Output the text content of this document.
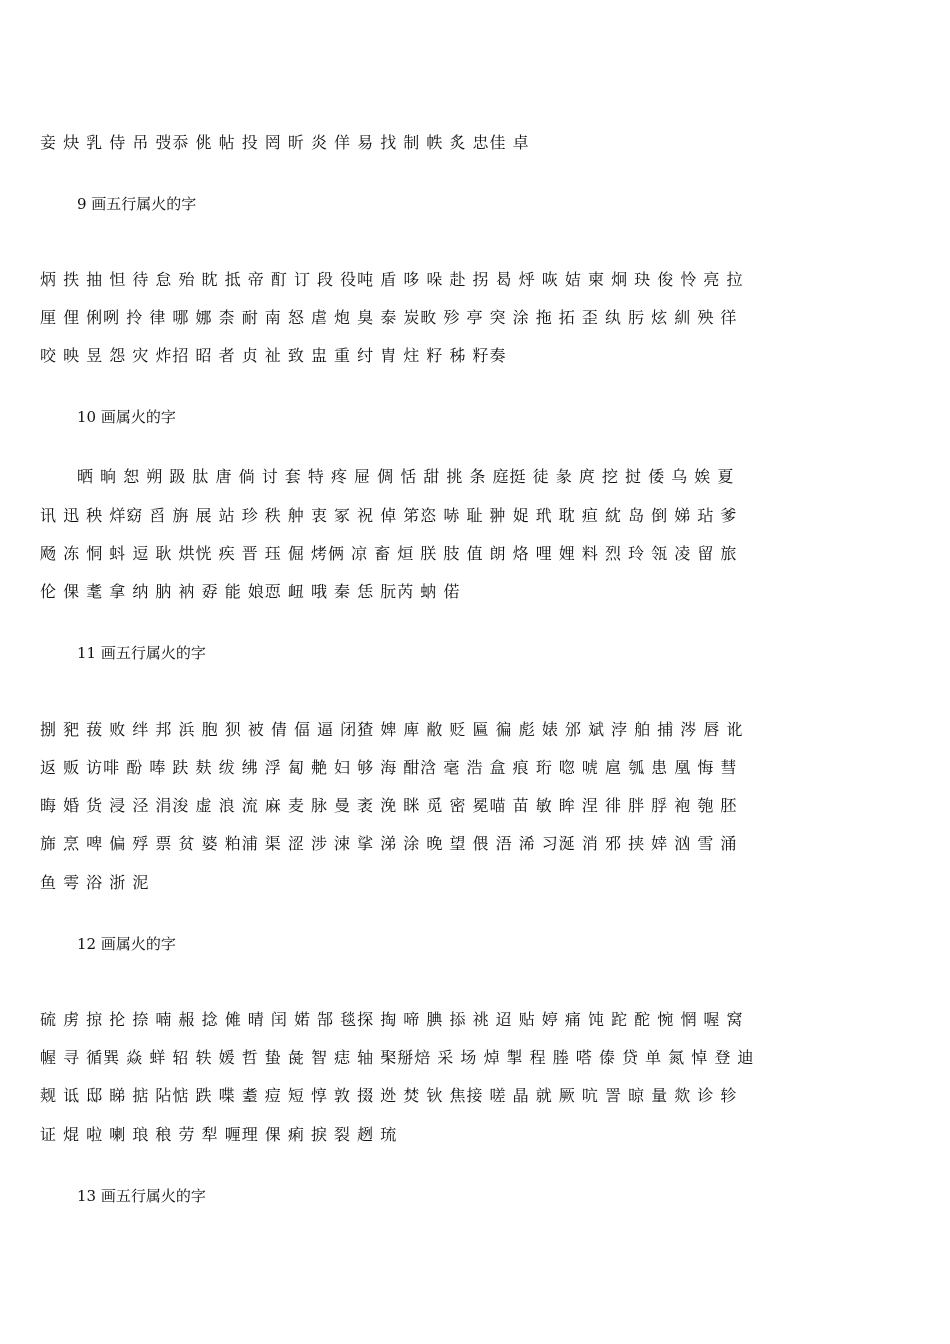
妾 炔 乳 侍 吊 弢忝 佻 帖 投 罔 昕 炎 佯 易 找 制 帙 炙 忠佳 卓
9 画五行属火的字
炳 抶 抽 怛 待 怠 殆 眈 抵 帝 酊 订 段 役吨 盾 哆 哚 赴 拐 曷 烀 咴 姞 柬 炯 玦 俊 怜 亮 拉
厘 俚 俐咧 拎 律 哪 娜 柰 耐 南 怒 虐 炮 臭 泰 炭畋 殄 亭 突 涂 拖 拓 歪 纨 肟 炫 紃 殃 徉
咬 映 昱 怨 灾 炸招 昭 者 贞 祉 致 盅 重 纣 胄 炷 籽 秭 籽奏
10 画属火的字
晒 晌 恕 朔 趿 肽 唐 倘 讨 套 特 疼 屉 倜 恬 甜 挑 条 庭挺 徒 彖 庹 挖 挝 倭 乌 娭 夏
讯 迅 秧 烊窈 舀 旃 展 站 珍 秩 舯 衷 冢 祝 倬 笫恣 哧 耻 翀 娖 玳 耽 疸 紞 岛 倒 娣 玷 爹
飏 冻 恫 蚪 逗 耿 烘恍 疾 晋 珏 倔 烤俩 凉 畜 烜 朕 肢 值 朗 烙 哩 娌 料 烈 玲 瓴 凌 留 旅
伦 倮 耄 拿 纳 肭 衲 孬 能 娘恧 衄 哦 秦 恁 朊芮 蚋 偌
11 画五行属火的字
捌 豝 菝 败 绊 邦 浜 胞 狈 被 倩 偪 逼 闭猹 婢 庳 敝 贬 匾 徧 彪 婊 邠 斌 浡 舶 捕 涔 唇 讹
返 贩 访啡 酚 唪 趺 麸 绂 绋 浮 匐 艴 妇 够 海 酣浛 毫 浩 盒 痕 珩 唿 唬 扈 瓠 患 凰 悔 彗
晦 婚 货 浸 泾 涓浚 虚 浪 流 麻 麦 脉 曼 袤 浼 眯 觅 密 冕喵 苗 敏 眸 涅 徘 胖 脬 袍 匏 胚
旆 烹 啤 偏 殍 票 贫 婆 粕浦 渠 涩 涉 涑 挲 涕 涂 晚 望 偎 浯 浠 习涎 消 邪 挟 婞 汹 雪 涌
鱼 雩 浴 浙 泥
12 画属火的字
硫 虏 掠 抡 捺 喃 赧 捻 傩 晴 闰 婼 郜 毯探 掏 啼 腆 掭 祧 迢 贴 婷 痛 饨 跎 酡 惋 惘 喔 窝
幄 寻 循巽 焱 蛘 轺 轶 媛 哲 蛰 彘 智 痣 轴 棸掰焙 采 场 焯 掣 程 塍 嗒 傣 贷 单 氮 悼 登 迪
觌 诋 邸 睇 掂 阽惦 跌 喋 耋 痘 短 惇 敦 掇 迯 焚 钬 焦接 嗟 晶 就 厥 吭 詈 晾 量 欻 诊 轸
证 焜 啦 喇 琅 稂 劳 犁 喱理 倮 痢 捩 裂 趔 琉
13 画五行属火的字
